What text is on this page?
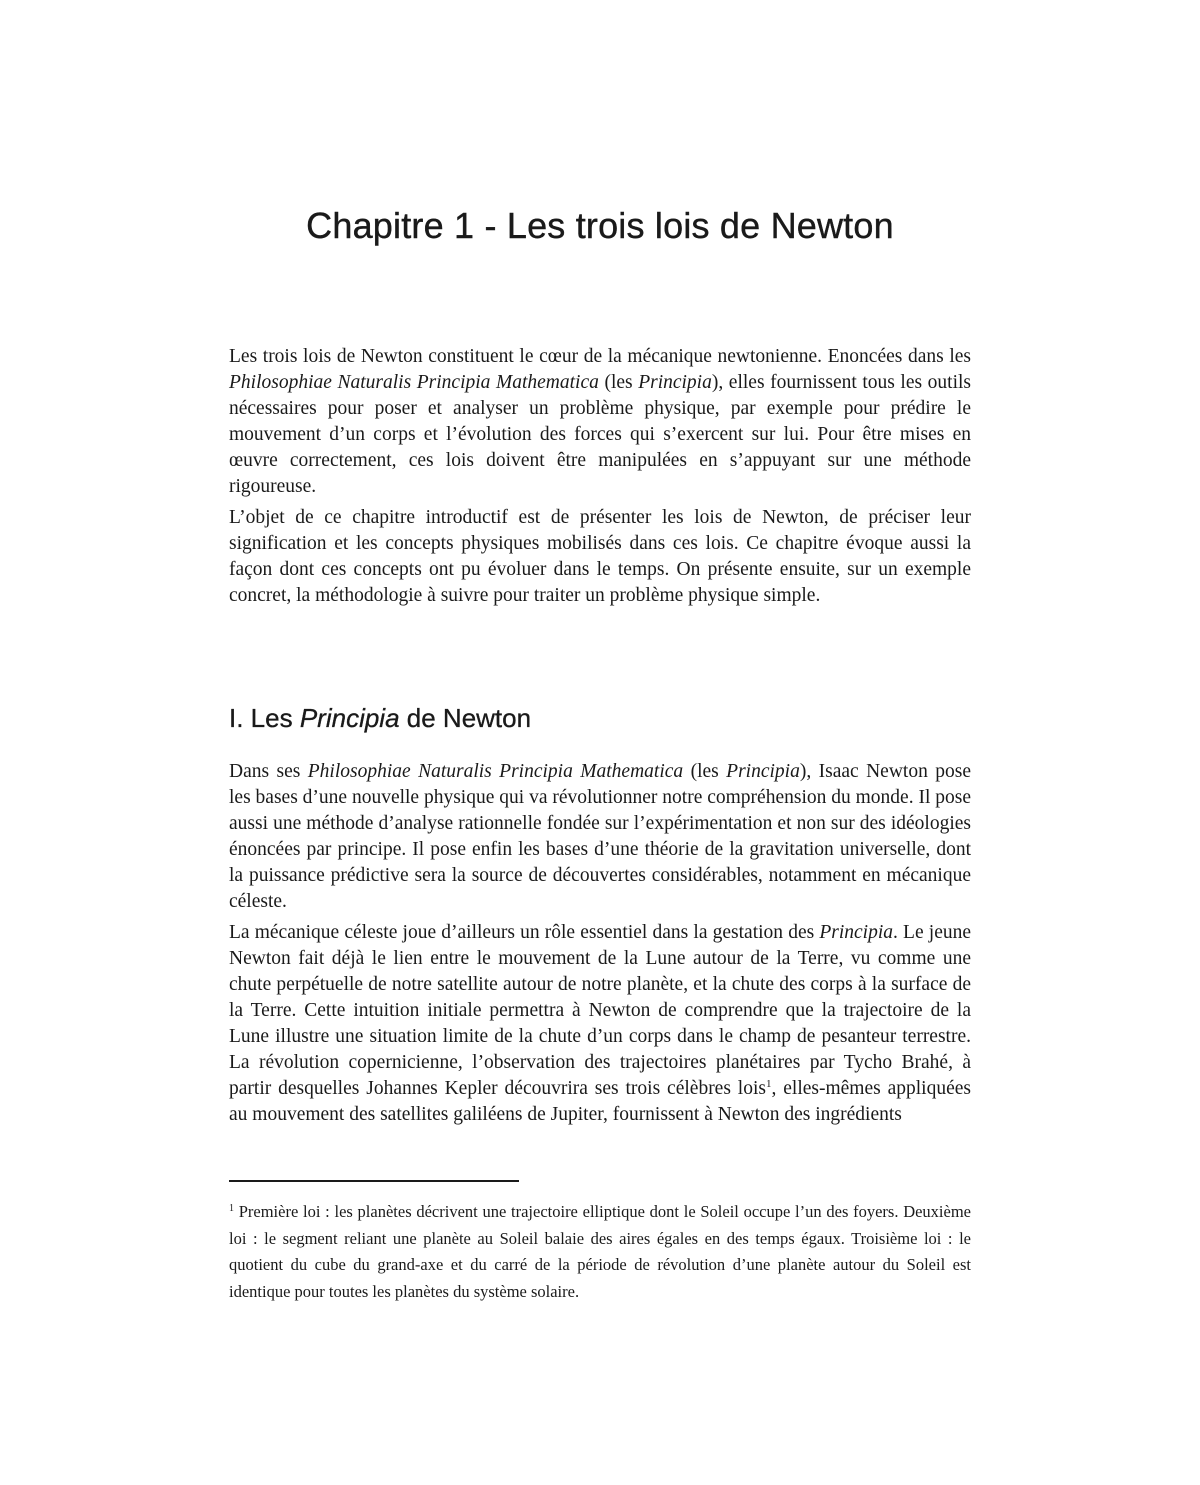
Chapitre 1 - Les trois lois de Newton

Les trois lois de Newton constituent le cœur de la mécanique newtonienne. Enoncées dans les Philosophiae Naturalis Principia Mathematica (les Principia), elles fournissent tous les outils nécessaires pour poser et analyser un problème physique, par exemple pour prédire le mouvement d’un corps et l’évolution des forces qui s’exercent sur lui. Pour être mises en œuvre correctement, ces lois doivent être manipulées en s’appuyant sur une méthode rigoureuse.

L’objet de ce chapitre introductif est de présenter les lois de Newton, de préciser leur signification et les concepts physiques mobilisés dans ces lois. Ce chapitre évoque aussi la façon dont ces concepts ont pu évoluer dans le temps. On présente ensuite, sur un exemple concret, la méthodologie à suivre pour traiter un problème physique simple.

I. Les Principia de Newton

Dans ses Philosophiae Naturalis Principia Mathematica (les Principia), Isaac Newton pose les bases d’une nouvelle physique qui va révolutionner notre compréhension du monde. Il pose aussi une méthode d’analyse rationnelle fondée sur l’expérimentation et non sur des idéologies énoncées par principe. Il pose enfin les bases d’une théorie de la gravitation universelle, dont la puissance prédictive sera la source de découvertes considérables, notamment en mécanique céleste.

La mécanique céleste joue d’ailleurs un rôle essentiel dans la gestation des Principia. Le jeune Newton fait déjà le lien entre le mouvement de la Lune autour de la Terre, vu comme une chute perpétuelle de notre satellite autour de notre planète, et la chute des corps à la surface de la Terre. Cette intuition initiale permettra à Newton de comprendre que la trajectoire de la Lune illustre une situation limite de la chute d’un corps dans le champ de pesanteur terrestre. La révolution copernicienne, l’observation des trajectoires planétaires par Tycho Brahé, à partir desquelles Johannes Kepler découvrira ses trois célèbres lois$^1$, elles-mêmes appliquées au mouvement des satellites galiléens de Jupiter, fournissent à Newton des ingrédients

$^1$ Première loi : les planètes décrivent une trajectoire elliptique dont le Soleil occupe l’un des foyers. Deuxième loi : le segment reliant une planète au Soleil balaie des aires égales en des temps égaux. Troisième loi : le quotient du cube du grand-axe et du carré de la période de révolution d’une planète autour du Soleil est identique pour toutes les planètes du système solaire.
